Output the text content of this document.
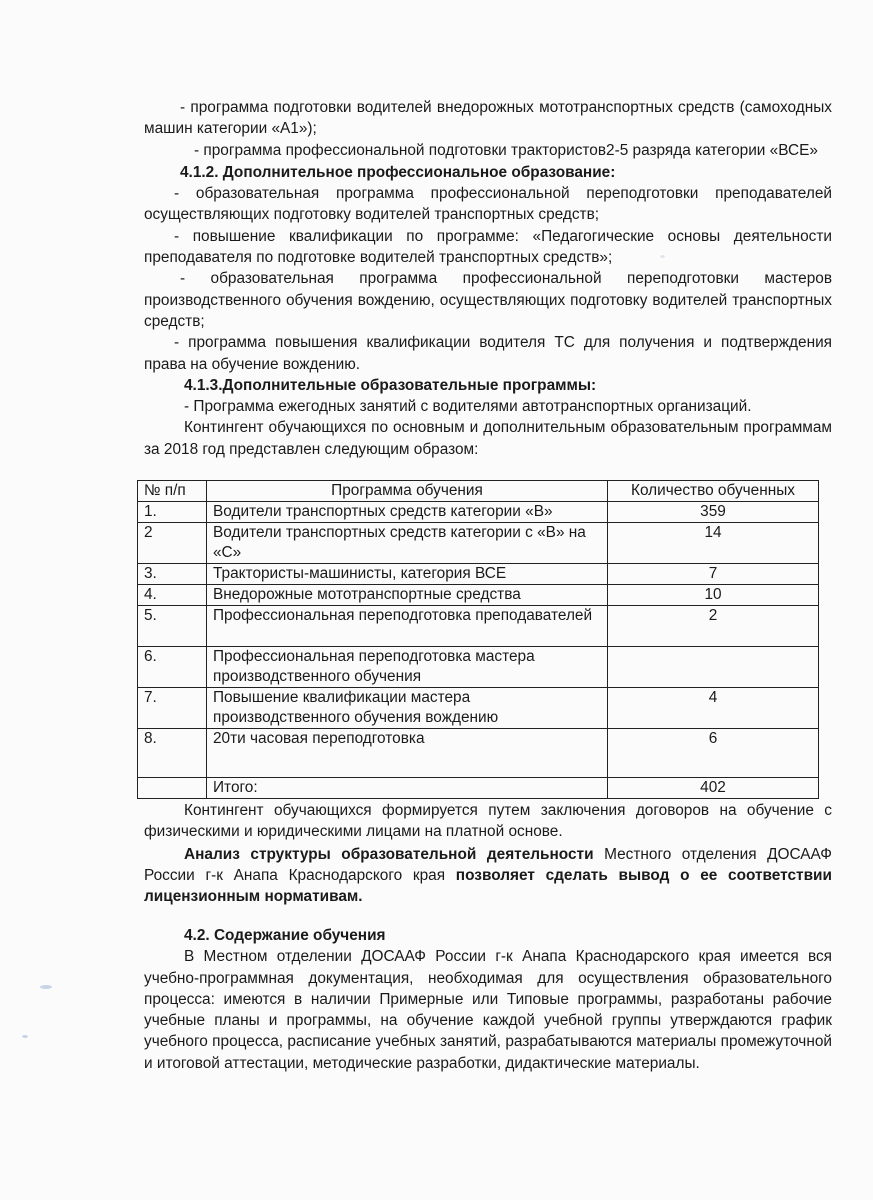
- программа подготовки водителей внедорожных мототранспортных средств (самоходных машин категории «А1»);

- программа профессиональной подготовки трактористов2-5 разряда категории «ВСЕ»

4.1.2. Дополнительное профессиональное образование:

- образовательная программа профессиональной переподготовки преподавателей осуществляющих подготовку водителей транспортных средств;

- повышение квалификации по программе: «Педагогические основы деятельности преподавателя по подготовке водителей транспортных средств»;

- образовательная программа профессиональной переподготовки мастеров производственного обучения вождению, осуществляющих подготовку водителей транспортных средств;

- программа повышения квалификации водителя ТС для получения и подтверждения права на обучение вождению.

4.1.3.Дополнительные образовательные программы:

- Программа ежегодных занятий с водителями автотранспортных организаций.

Контингент обучающихся по основным и дополнительным образовательным программам за 2018 год представлен следующим образом:

№ п/п	Программа обучения	Количество обученных
1.	Водители транспортных средств категории «В»	359
2	Водители транспортных средств категории с «В» на «С»	14
3.	Трактористы-машинисты, категория ВСЕ	7
4.	Внедорожные мототранспортные средства	10
5.	Профессиональная переподготовка преподавателей	2
6.	Профессиональная переподготовка мастера производственного обучения	
7.	Повышение квалификации мастера производственного обучения вождению	4
8.	20ти часовая переподготовка	6
	Итого:	402

Контингент обучающихся формируется путем заключения договоров на обучение с физическими и юридическими лицами на платной основе.

Анализ структуры образовательной деятельности Местного отделения ДОСААФ России г-к Анапа Краснодарского края позволяет сделать вывод о ее соответствии лицензионным нормативам.

4.2. Содержание обучения

В Местном отделении ДОСААФ России г-к Анапа Краснодарского края имеется вся учебно-программная документация, необходимая для осуществления образовательного процесса: имеются в наличии Примерные или Типовые программы, разработаны рабочие учебные планы и программы, на обучение каждой учебной группы утверждаются график учебного процесса, расписание учебных занятий, разрабатываются материалы промежуточной и итоговой аттестации, методические разработки, дидактические материалы.
